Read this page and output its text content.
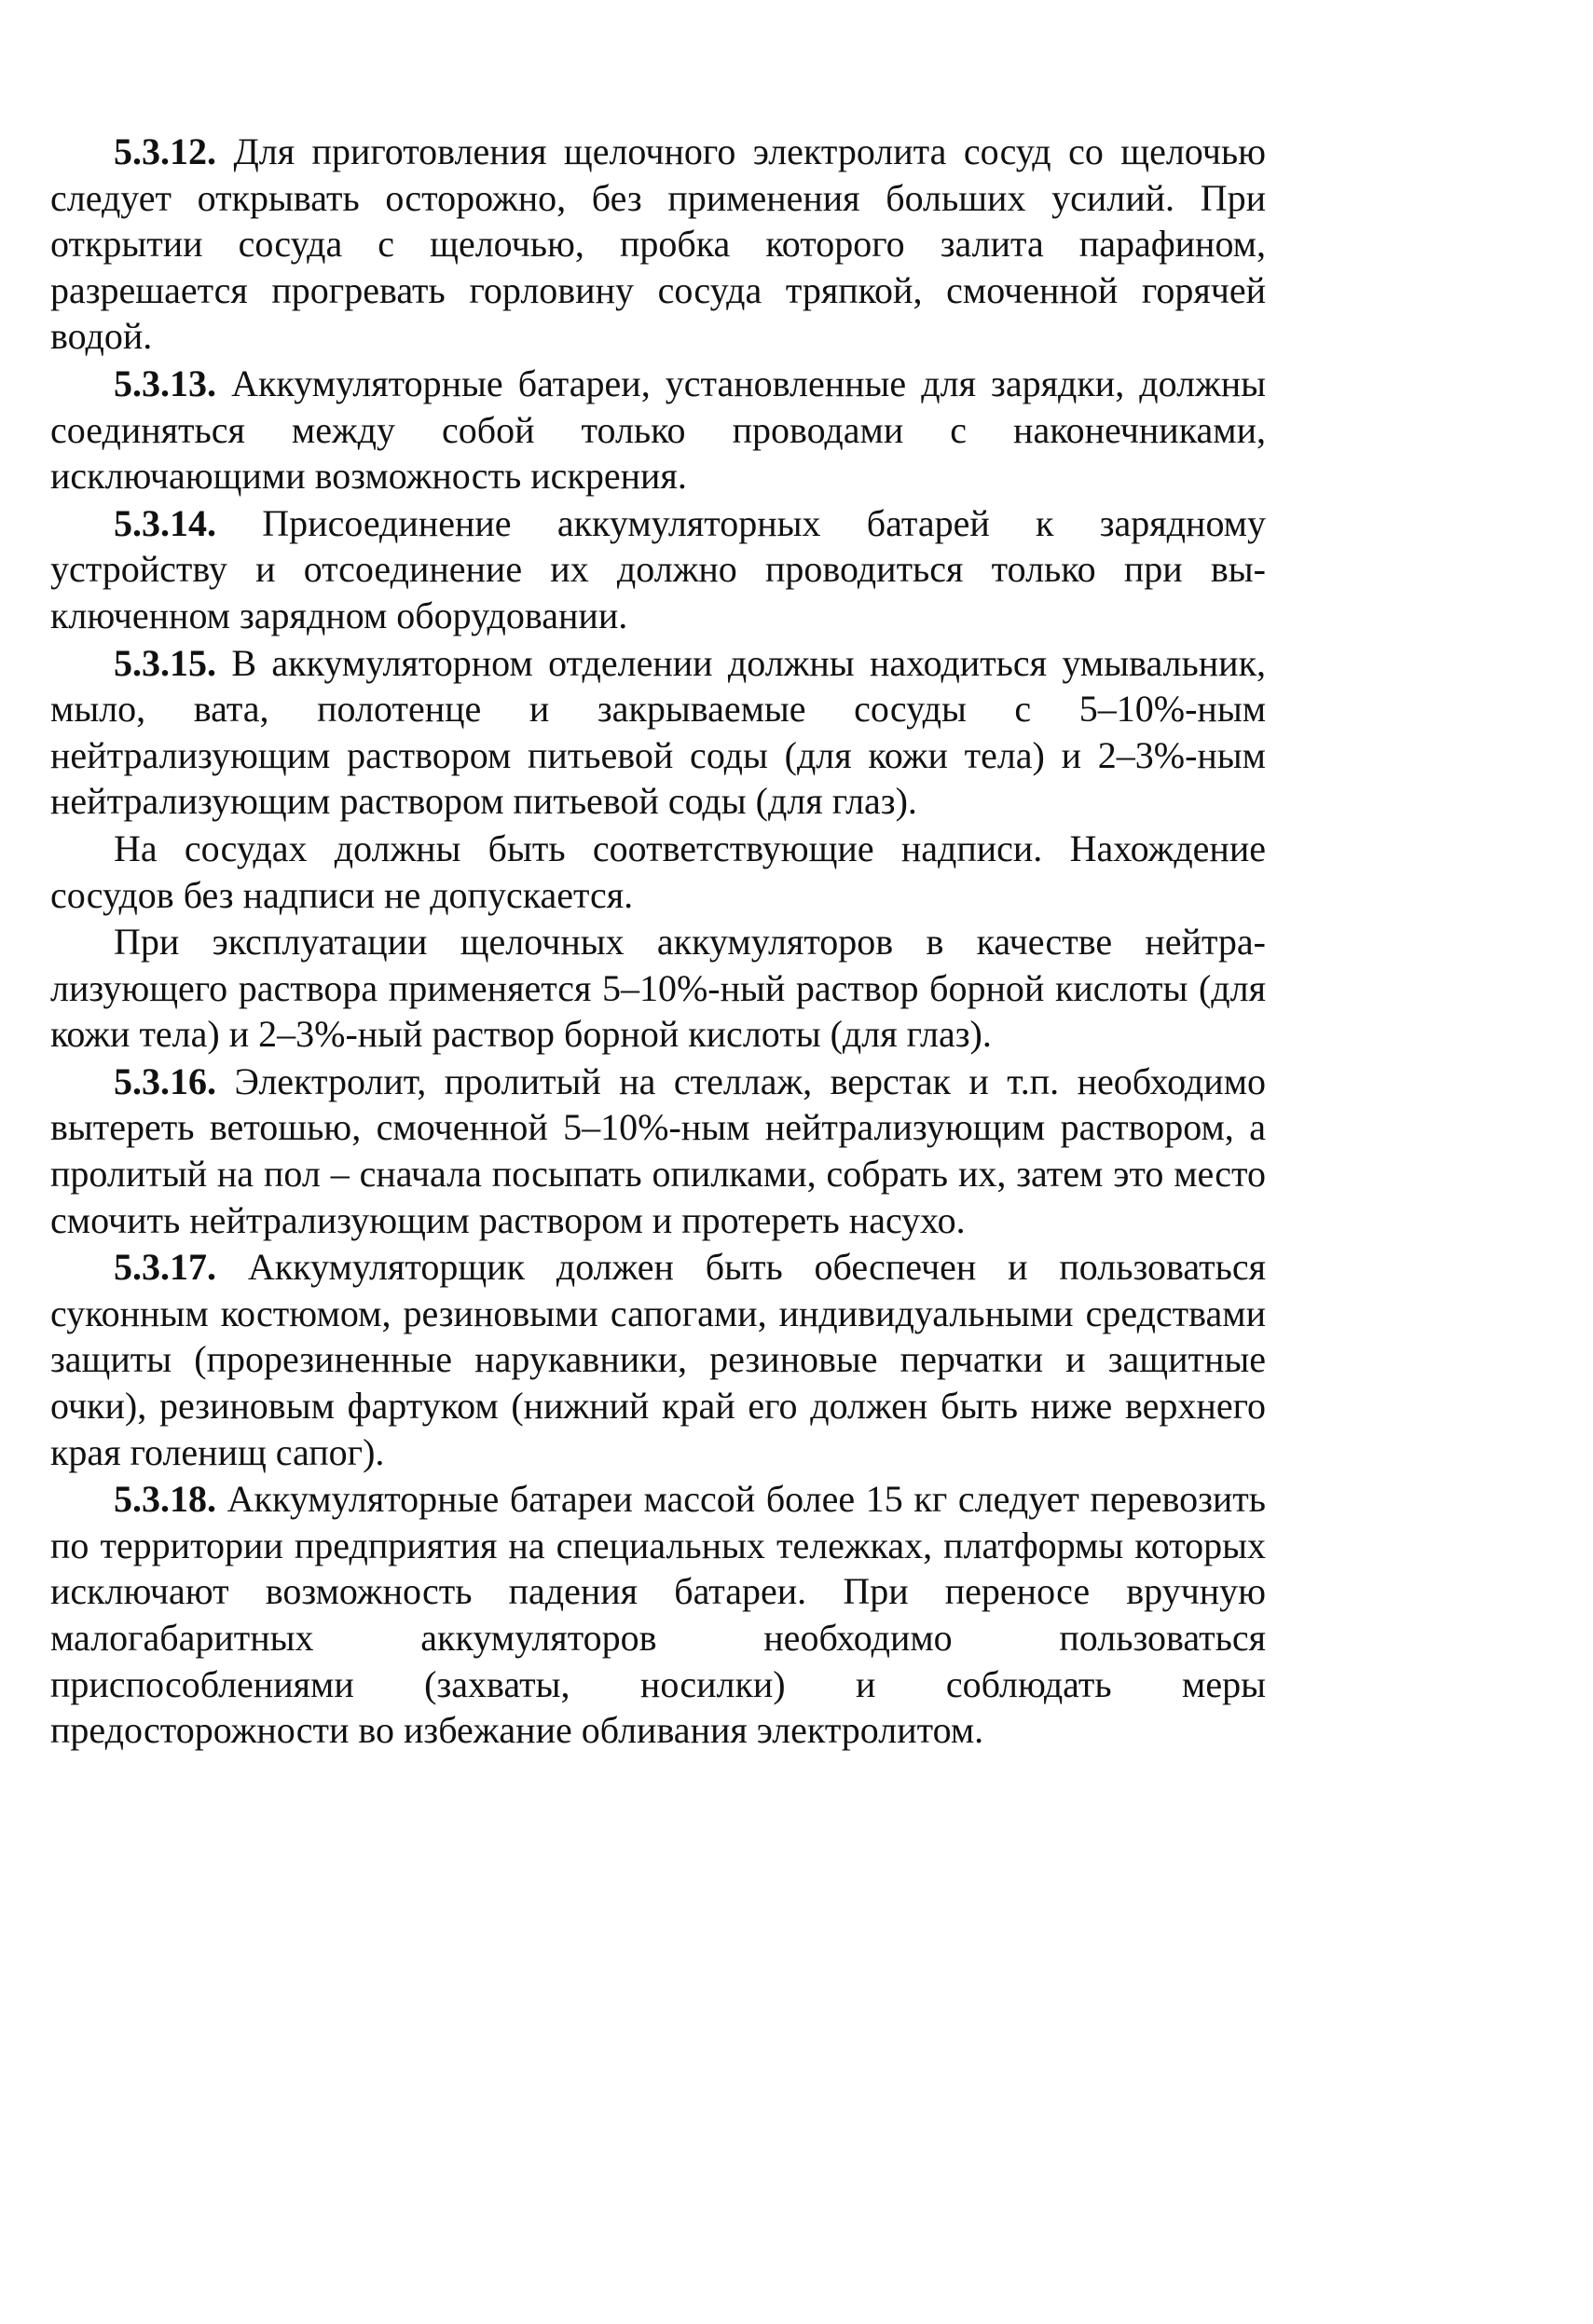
5.3.12. Для приготовления щелочного электролита сосуд со щелочью следует открывать осторожно, без применения больших усилий. При открытии сосуда с щелочью, пробка которого залита парафином, разрешается прогревать горловину сосуда тряпкой, смоченной горячей водой.

5.3.13. Аккумуляторные батареи, установленные для зарядки, должны соединяться между собой только проводами с наконечниками, исключающими возможность искрения.

5.3.14. Присоединение аккумуляторных батарей к зарядному устройству и отсоединение их должно проводиться только при выключенном зарядном оборудовании.

5.3.15. В аккумуляторном отделении должны находиться умывальник, мыло, вата, полотенце и закрываемые сосуды с 5–10%-ным нейтрализующим раствором питьевой соды (для кожи тела) и 2–3%-ным нейтрализующим раствором питьевой соды (для глаз).

На сосудах должны быть соответствующие надписи. Нахождение сосудов без надписи не допускается.

При эксплуатации щелочных аккумуляторов в качестве нейтрализующего раствора применяется 5–10%-ный раствор борной кислоты (для кожи тела) и 2–3%-ный раствор борной кислоты (для глаз).

5.3.16. Электролит, пролитый на стеллаж, верстак и т.п. необходимо вытереть ветошью, смоченной 5–10%-ным нейтрализующим раствором, а пролитый на пол – сначала посыпать опилками, собрать их, затем это место смочить нейтрализующим раствором и протереть насухо.

5.3.17. Аккумуляторщик должен быть обеспечен и пользоваться суконным костюмом, резиновыми сапогами, индивидуальными средствами защиты (прорезиненные нарукавники, резиновые перчатки и защитные очки), резиновым фартуком (нижний край его должен быть ниже верхнего края голенищ сапог).

5.3.18. Аккумуляторные батареи массой более 15 кг следует перевозить по территории предприятия на специальных тележках, платформы которых исключают возможность падения батареи. При переносе вручную малогабаритных аккумуляторов необходимо пользоваться приспособлениями (захваты, носилки) и соблюдать меры предосторожности во избежание обливания электролитом.
